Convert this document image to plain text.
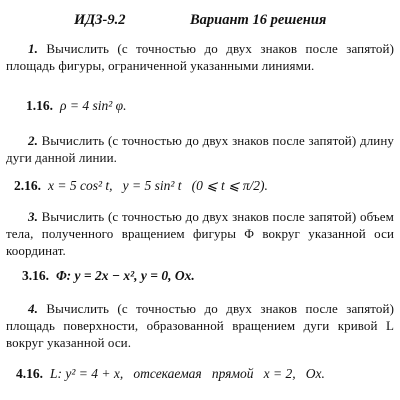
ИДЗ-9.2	Вариант 16 решения
1. Вычислить (с точностью до двух знаков после запятой) площадь фигуры, ограниченной указанными линиями.
1.16. ρ = 4 sin² φ.
2. Вычислить (с точностью до двух знаков после запятой) длину дуги данной линии.
2.16. x = 5 cos² t,   y = 5 sin² t   (0 ⩽ t ⩽ π/2).
3. Вычислить (с точностью до двух знаков после запятой) объем тела, полученного вращением фигуры Φ вокруг указанной оси координат.
3.16. Φ: y = 2x − x², y = 0, Ox.
4. Вычислить (с точностью до двух знаков после запятой) площадь поверхности, образованной вращением дуги кривой L вокруг указанной оси.
4.16. L: y² = 4 + x,   отсекаемая   прямой   x = 2,   Ox.
